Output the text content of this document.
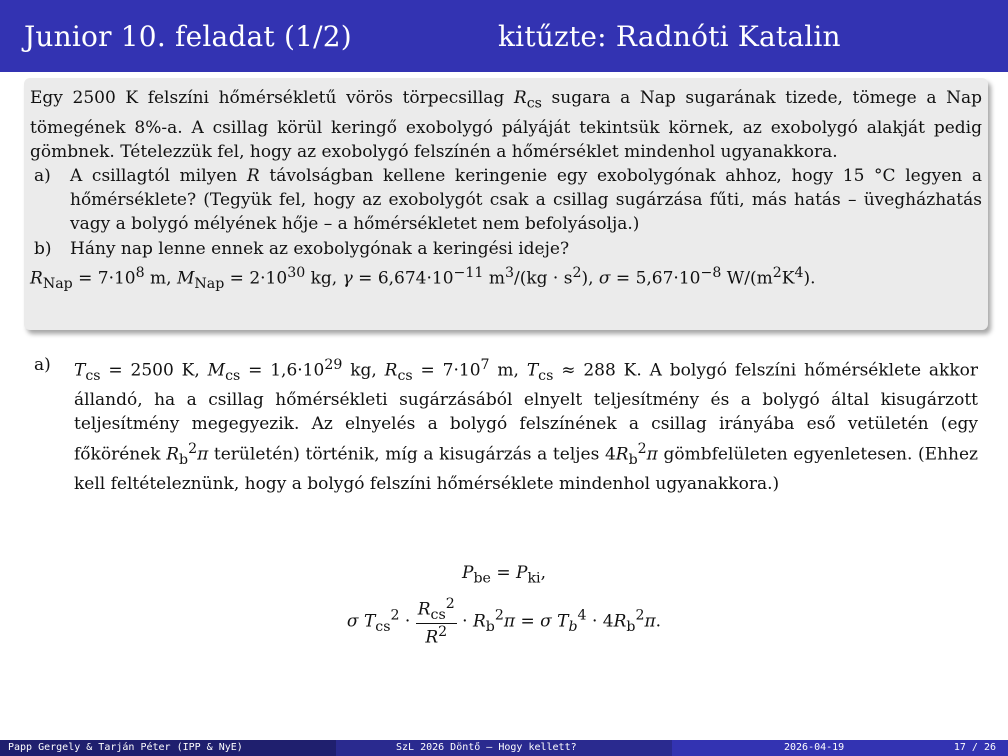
Junior 10. feladat (1/2)	kitűzte: Radnóti Katalin
Egy 2500 K felszíni hőmérsékletű vörös törpecsillag $R_{cs}$ sugara a Nap sugarának tizede, tömege a Nap tömegének 8%-a. A csillag körül keringő exobolygó pályáját tekintsük körnek, az exobolygó alakját pedig gömbnek. Tételezzük fel, hogy az exobolygó felszínén a hőmérséklet mindenhol ugyanakkora.
a) A csillagtól milyen R távolságban kellene keringenie egy exobolygónak ahhoz, hogy 15 °C legyen a hőmérséklete? (Tegyük fel, hogy az exobolygót csak a csillag sugárzása fűti, más hatás – üvegházhatás vagy a bolygó mélyének hője – a hőmérsékletet nem befolyásolja.)
b) Hány nap lenne ennek az exobolygónak a keringési ideje?
$R_{Nap} = 7\cdot 10^8$ m, $M_{Nap} = 2\cdot 10^{30}$ kg, $\gamma = 6,674\cdot 10^{-11}$ $m^3/(kg \cdot s^2)$, $\sigma = 5,67\cdot 10^{-8}$ $W/(m^2K^4)$.
a) $T_{cs} = 2500$ K, $M_{cs} = 1,6\cdot 10^{29}$ kg, $R_{cs} = 7\cdot 10^7$ m, $T_{cs} \approx 288$ K. A bolygó felszíni hőmérséklete akkor állandó, ha a csillag hőmérsékleti sugárzásából elnyelt teljesítmény és a bolygó által kisugárzott teljesítmény megegyezik. Az elnyelés a bolygó felszínének a csillag irányába eső vetületén (egy főkörének $R_b^2\pi$ területén) történik, míg a kisugárzás a teljes $4R_b^2\pi$ gömbfelületen egyenletesen. (Ehhez kell feltételeznünk, hogy a bolygó felszíni hőmérséklete mindenhol ugyanakkora.)
$P_{be} = P_{ki}$,
σ $T_{cs}^2 \cdot \frac{R_{cs}^2}{R^2} \cdot R_b^2\pi = \sigma$ $T_b^4 \cdot 4R_b^2\pi$.
Papp Gergely & Tarján Péter (IPP & NyE)	SzL 2026 Döntő – Hogy kellett?	2026-04-19	17 / 26
